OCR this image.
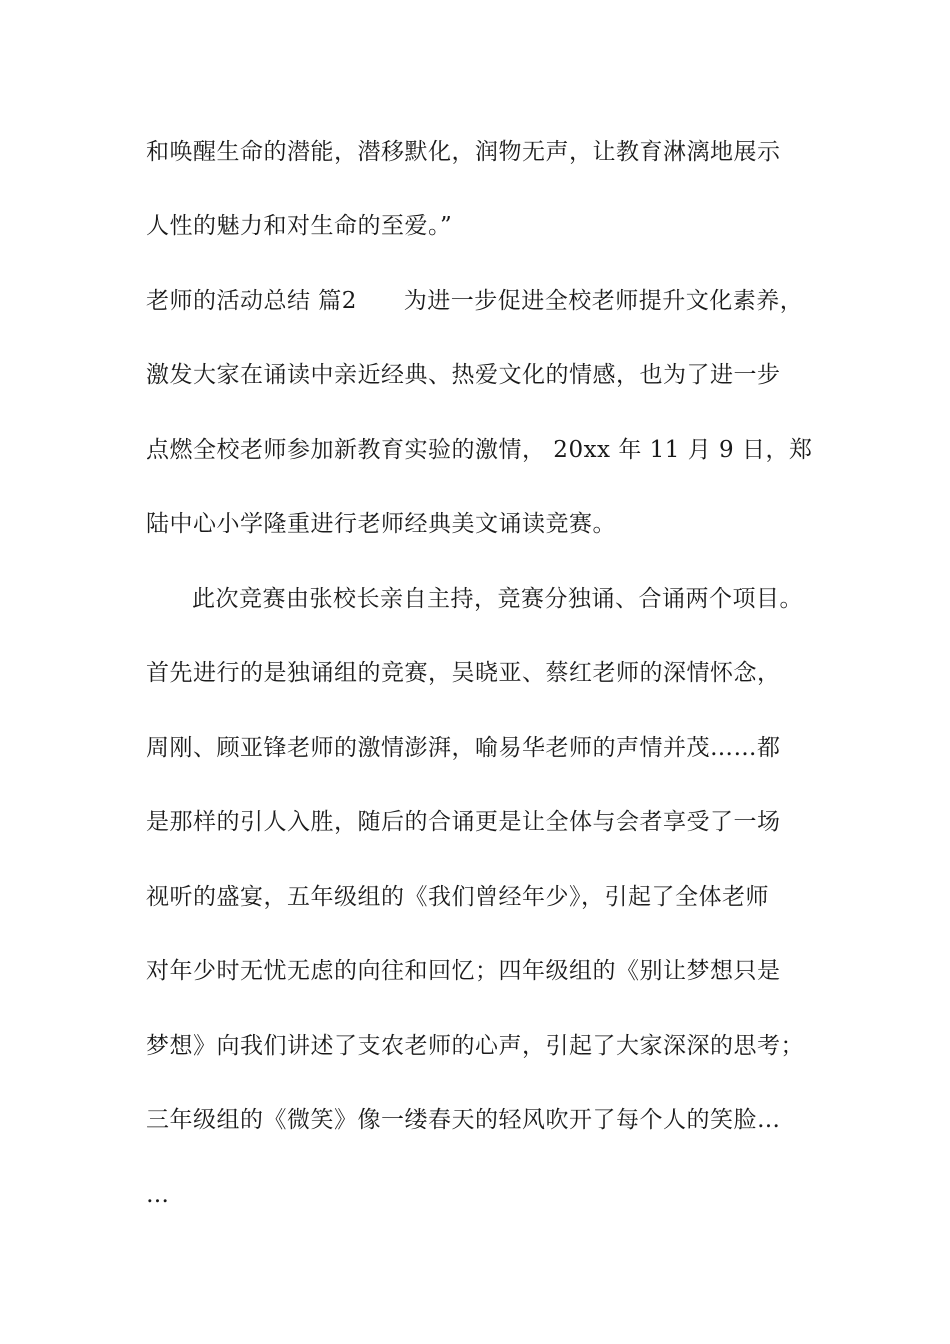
和唤醒生命的潜能，潜移默化，润物无声，让教育淋漓地展示
人性的魅力和对生命的至爱。”
老师的活动总结 篇2      为进一步促进全校老师提升文化素养，
激发大家在诵读中亲近经典、热爱文化的情感，也为了进一步
点燃全校老师参加新教育实验的激情， 20xx 年 11 月 9 日，郑
陆中心小学隆重进行老师经典美文诵读竞赛。
此次竞赛由张校长亲自主持，竞赛分独诵、合诵两个项目。
首先进行的是独诵组的竞赛，吴晓亚、蔡红老师的深情怀念，
周刚、顾亚锋老师的激情澎湃，喻易华老师的声情并茂……都
是那样的引人入胜，随后的合诵更是让全体与会者享受了一场
视听的盛宴，五年级组的《我们曾经年少》，引起了全体老师
对年少时无忧无虑的向往和回忆；四年级组的《别让梦想只是
梦想》向我们讲述了支农老师的心声，引起了大家深深的思考；
三年级组的《微笑》像一缕春天的轻风吹开了每个人的笑脸…
…
